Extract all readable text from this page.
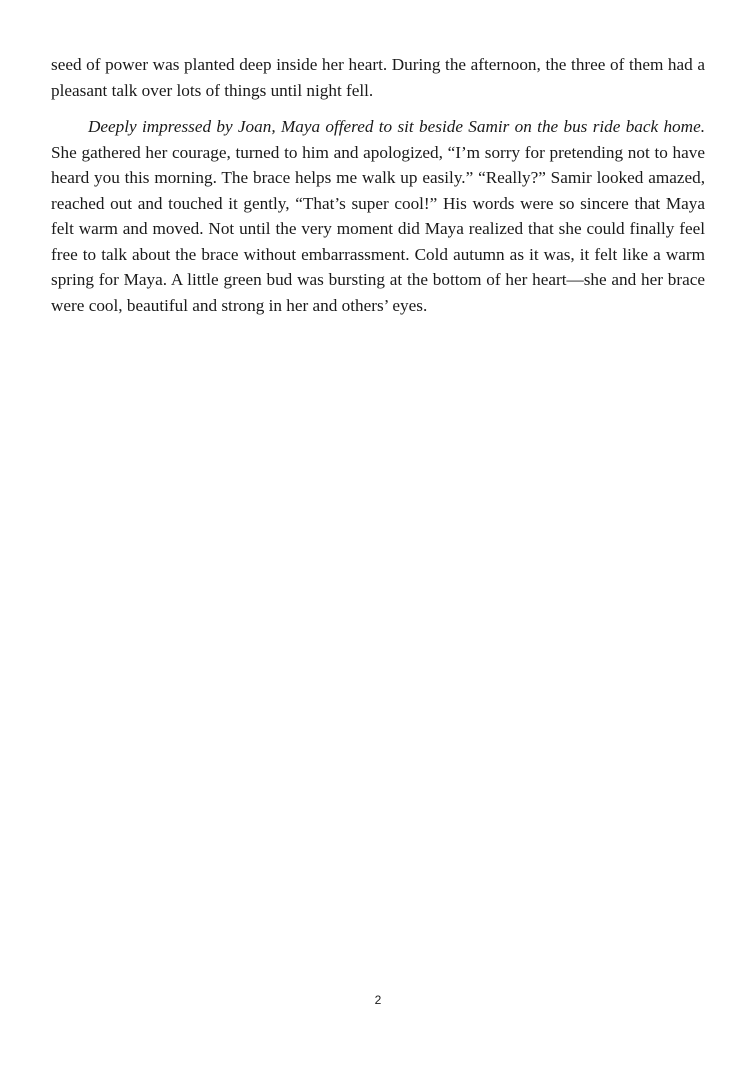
seed of power was planted deep inside her heart. During the afternoon, the three of them had a pleasant talk over lots of things until night fell.

Deeply impressed by Joan, Maya offered to sit beside Samir on the bus ride back home. She gathered her courage, turned to him and apologized, “I’m sorry for pretending not to have heard you this morning. The brace helps me walk up easily.” “Really?” Samir looked amazed, reached out and touched it gently, “That’s super cool!” His words were so sincere that Maya felt warm and moved. Not until the very moment did Maya realized that she could finally feel free to talk about the brace without embarrassment. Cold autumn as it was, it felt like a warm spring for Maya. A little green bud was bursting at the bottom of her heart—she and her brace were cool, beautiful and strong in her and others’ eyes.

2
